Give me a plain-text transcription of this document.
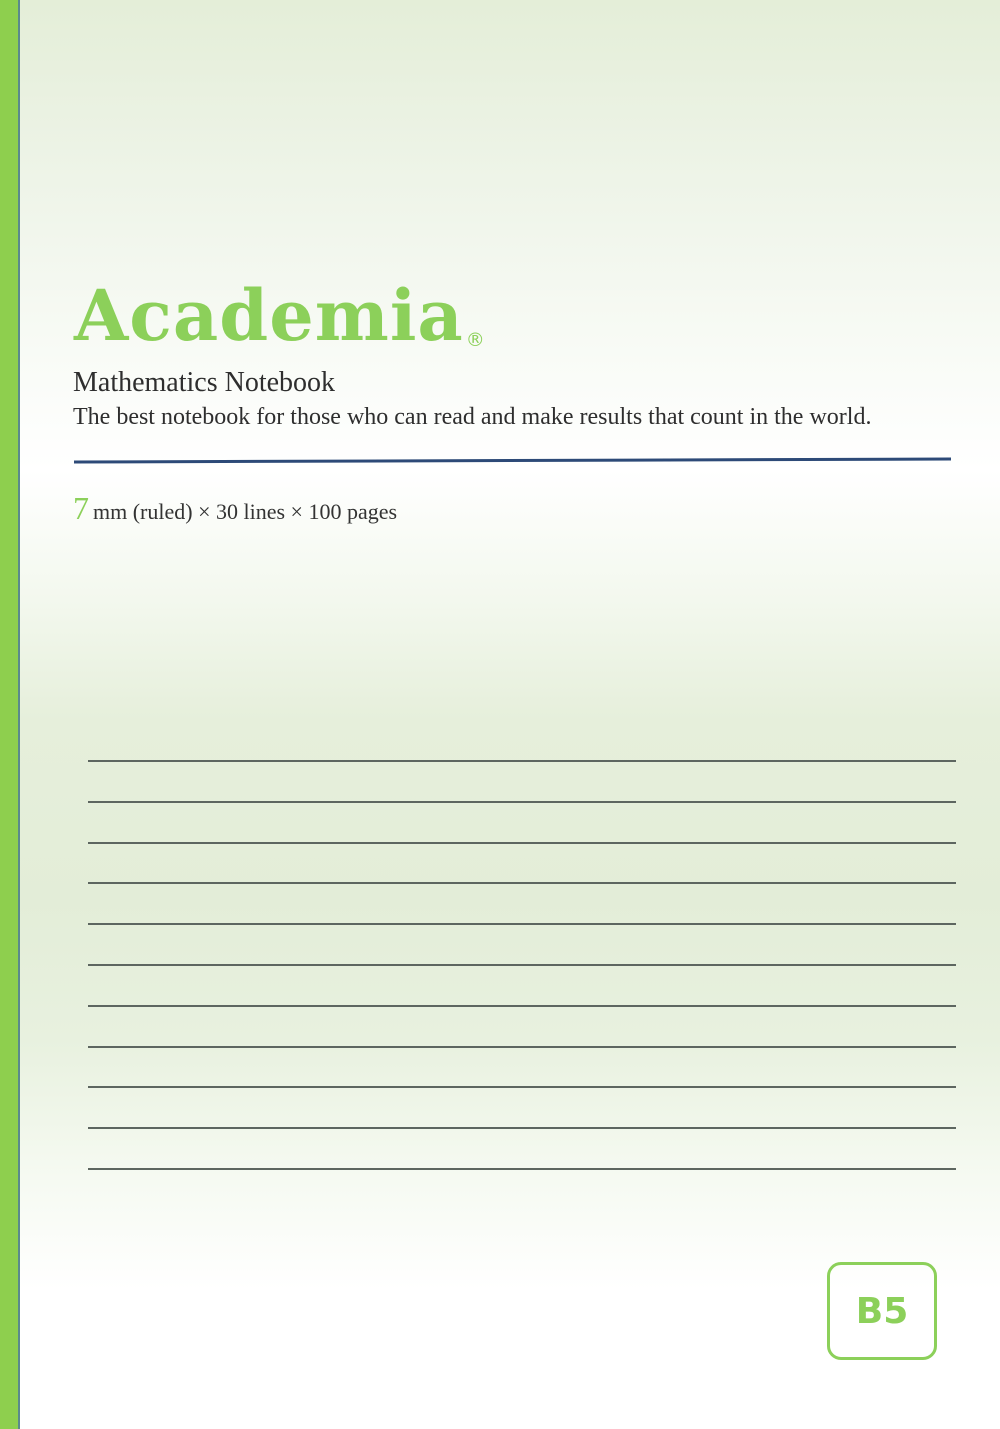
Academia ®
Mathematics Notebook
The best notebook for those who can read and make results that count in the world.
7 mm (ruled) × 30 lines × 100 pages
B5
